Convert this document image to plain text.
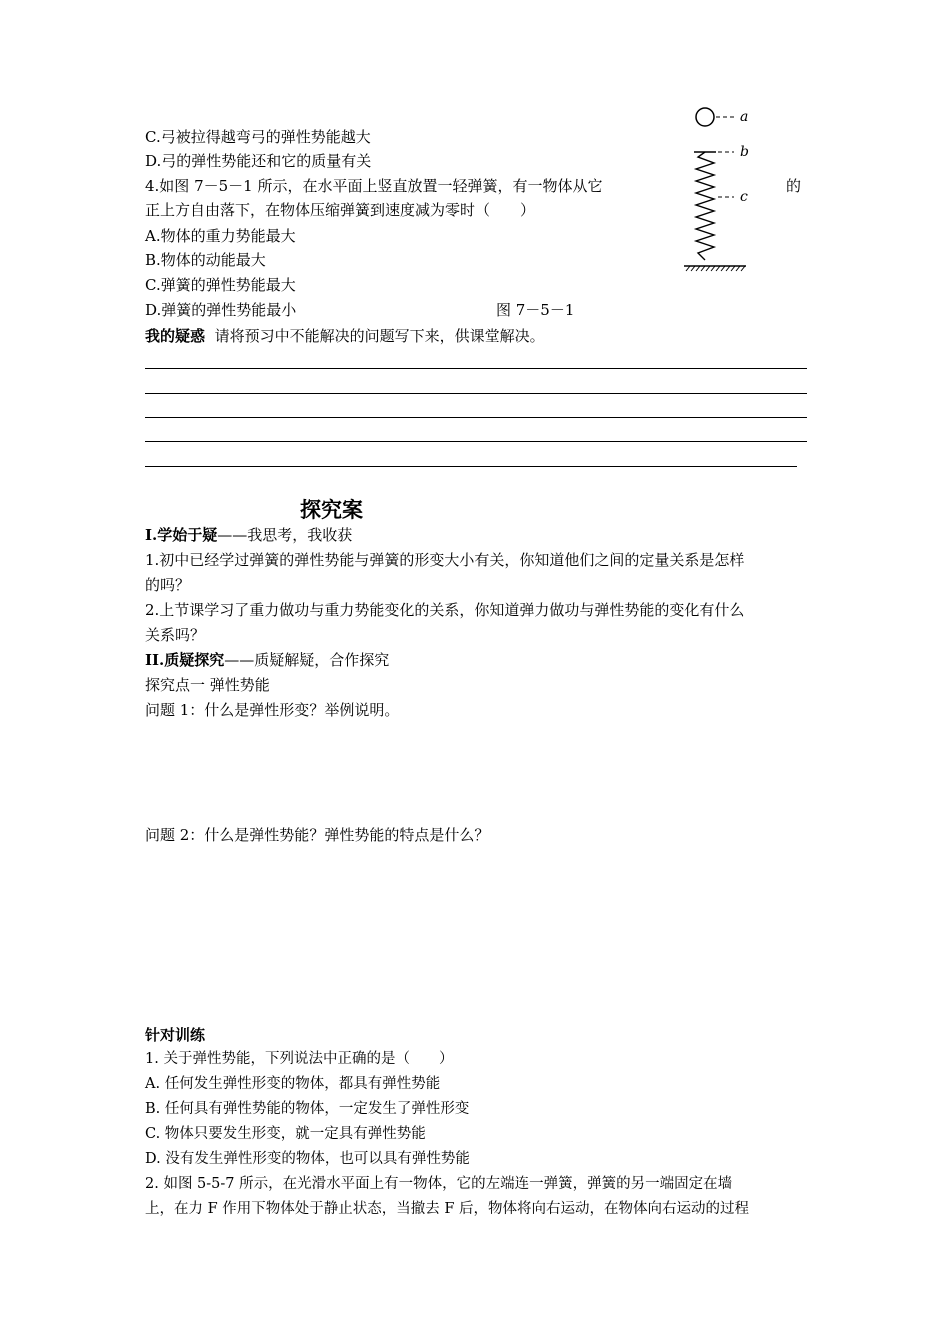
C.弓被拉得越弯弓的弹性势能越大
D.弓的弹性势能还和它的质量有关
4.如图 7－5－1 所示，在水平面上竖直放置一轻弹簧，有一物体从它	的
正上方自由落下，在物体压缩弹簧到速度减为零时（　　）
A.物体的重力势能最大
B.物体的动能最大
C.弹簧的弹性势能最大
D.弹簧的弹性势能最小	图 7－5－1
a
b
c
我的疑惑 请将预习中不能解决的问题写下来，供课堂解决。
探究案
I.学始于疑——我思考，我收获
1.初中已经学过弹簧的弹性势能与弹簧的形变大小有关，你知道他们之间的定量关系是怎样
的吗？
2.上节课学习了重力做功与重力势能变化的关系，你知道弹力做功与弹性势能的变化有什么
关系吗？
II.质疑探究——质疑解疑，合作探究
探究点一 弹性势能
问题 1：什么是弹性形变？举例说明。
问题 2：什么是弹性势能？弹性势能的特点是什么？
针对训练
1. 关于弹性势能，下列说法中正确的是（　　）
A. 任何发生弹性形变的物体，都具有弹性势能
B. 任何具有弹性势能的物体，一定发生了弹性形变
C. 物体只要发生形变，就一定具有弹性势能
D. 没有发生弹性形变的物体，也可以具有弹性势能
2. 如图 5-5-7 所示，在光滑水平面上有一物体，它的左端连一弹簧，弹簧的另一端固定在墙
上，在力 F 作用下物体处于静止状态，当撤去 F 后，物体将向右运动，在物体向右运动的过程
